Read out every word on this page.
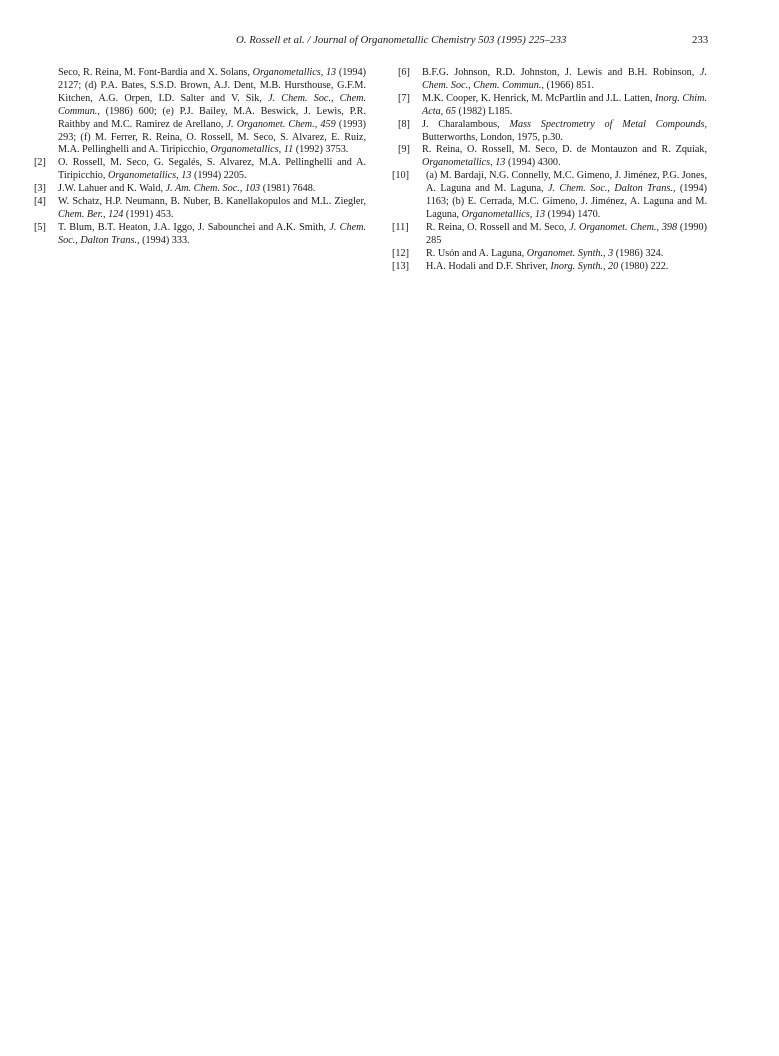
O. Rossell et al. / Journal of Organometallic Chemistry 503 (1995) 225–233	233
Seco, R. Reina, M. Font-Bardia and X. Solans, Organometallics, 13 (1994) 2127; (d) P.A. Bates, S.S.D. Brown, A.J. Dent, M.B. Hursthouse, G.F.M. Kitchen, A.G. Orpen, I.D. Salter and V. Sik, J. Chem. Soc., Chem. Commun., (1986) 600; (e) P.J. Bailey, M.A. Beswick, J. Lewis, P.R. Raithby and M.C. Ramirez de Arellano, J. Organomet. Chem., 459 (1993) 293; (f) M. Ferrer, R. Reina, O. Rossell, M. Seco, S. Alvarez, E. Ruiz, M.A. Pellinghelli and A. Tiripicchio, Organometallics, 11 (1992) 3753.
[2] O. Rossell, M. Seco, G. Segalés, S. Alvarez, M.A. Pellinghelli and A. Tiripicchio, Organometallics, 13 (1994) 2205.
[3] J.W. Lahuer and K. Wald, J. Am. Chem. Soc., 103 (1981) 7648.
[4] W. Schatz, H.P. Neumann, B. Nuber, B. Kanellakopulos and M.L. Ziegler, Chem. Ber., 124 (1991) 453.
[5] T. Blum, B.T. Heaton, J.A. Iggo, J. Sabounchei and A.K. Smith, J. Chem. Soc., Dalton Trans., (1994) 333.
[6] B.F.G. Johnson, R.D. Johnston, J. Lewis and B.H. Robinson, J. Chem. Soc., Chem. Commun., (1966) 851.
[7] M.K. Cooper, K. Henrick, M. McPartlin and J.L. Latten, Inorg. Chim. Acta, 65 (1982) L185.
[8] J. Charalambous, Mass Spectrometry of Metal Compounds, Butterworths, London, 1975, p.30.
[9] R. Reina, O. Rossell, M. Seco, D. de Montauzon and R. Zquiak, Organometallics, 13 (1994) 4300.
[10] (a) M. Bardají, N.G. Connelly, M.C. Gimeno, J. Jiménez, P.G. Jones, A. Laguna and M. Laguna, J. Chem. Soc., Dalton Trans., (1994) 1163; (b) E. Cerrada, M.C. Gimeno, J. Jiménez, A. Laguna and M. Laguna, Organometallics, 13 (1994) 1470.
[11] R. Reina, O. Rossell and M. Seco, J. Organomet. Chem., 398 (1990) 285
[12] R. Usón and A. Laguna, Organomet. Synth., 3 (1986) 324.
[13] H.A. Hodali and D.F. Shriver, Inorg. Synth., 20 (1980) 222.
